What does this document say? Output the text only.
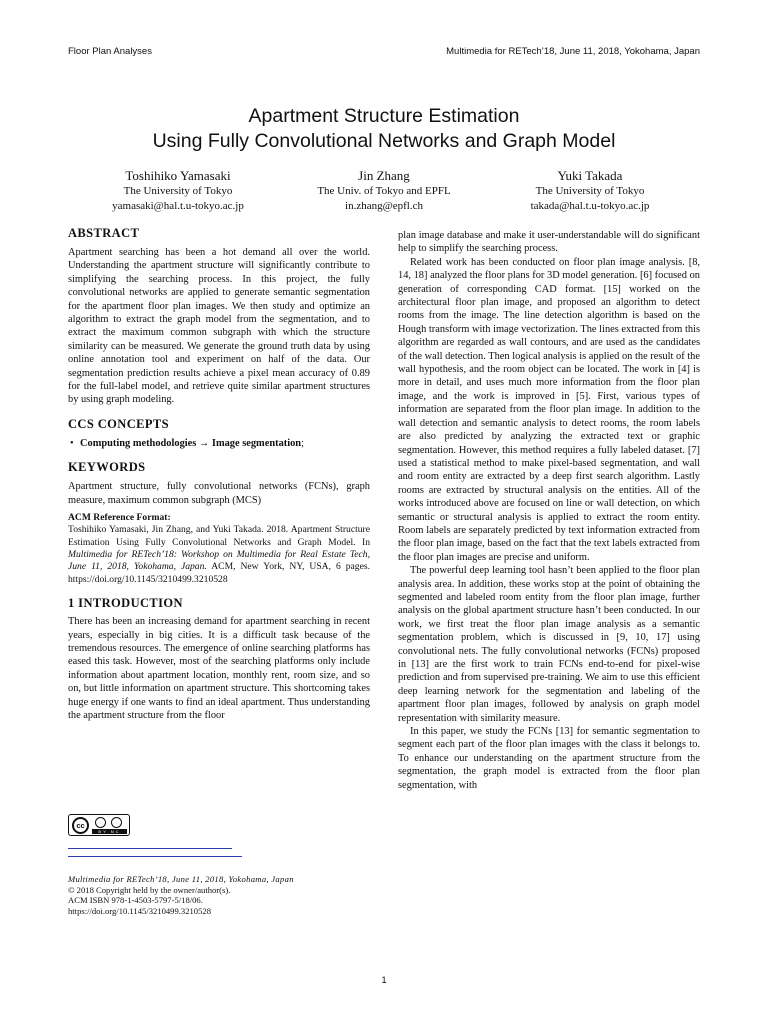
Floor Plan Analyses	Multimedia for RETech’18, June 11, 2018, Yokohama, Japan
Apartment Structure Estimation
Using Fully Convolutional Networks and Graph Model
Toshihiko Yamasaki
The University of Tokyo
yamasaki@hal.t.u-tokyo.ac.jp
Jin Zhang
The Univ. of Tokyo and EPFL
in.zhang@epfl.ch
Yuki Takada
The University of Tokyo
takada@hal.t.u-tokyo.ac.jp
ABSTRACT

Apartment searching has been a hot demand all over the world. Understanding the apartment structure will significantly contribute to simplifying the searching process. In this project, the fully convolutional networks are applied to generate semantic segmentation for the apartment floor plan images. We then study and optimize an algorithm to extract the graph model from the segmentation, and to extract the maximum common subgraph with which the structure similarity can be measured. We generate the ground truth data by using online annotation tool and experiment on half of the data. Our segmentation prediction results achieve a pixel mean accuracy of 0.89 for the full-label model, and retrieve quite similar apartment structures by using graph modeling.

CCS CONCEPTS
• Computing methodologies → Image segmentation;
KEYWORDS

Apartment structure, fully convolutional networks (FCNs), graph measure, maximum common subgraph (MCS)

ACM Reference Format:

Toshihiko Yamasaki, Jin Zhang, and Yuki Takada. 2018. Apartment Structure Estimation Using Fully Convolutional Networks and Graph Model. In Multimedia for RETech’18: Workshop on Multimedia for Real Estate Tech, June 11, 2018, Yokohama, Japan. ACM, New York, NY, USA, 6 pages. https://doi.org/10.1145/3210499.3210528

1 INTRODUCTION

There has been an increasing demand for apartment searching in recent years, especially in big cities. It is a difficult task because of the tremendous resources. The emergence of online searching platforms has eased this task. However, most of the searching platforms only include information about apartment location, monthly rent, room size, and so on, but little information on apartment structure. This shortcoming takes huge energy if one wants to find an ideal apartment. Thus understanding the apartment structure from the floor

cc
BY NC
Multimedia for RETech’18, June 11, 2018, Yokohama, Japan
© 2018 Copyright held by the owner/author(s).
ACM ISBN 978-1-4503-5797-5/18/06.
https://doi.org/10.1145/3210499.3210528

plan image database and make it user-understandable will do significant help to simplify the searching process.

Related work has been conducted on floor plan image analysis. [8, 14, 18] analyzed the floor plans for 3D model generation. [6] focused on generation of corresponding CAD format. [15] worked on the architectural floor plan image, and proposed an algorithm to detect rooms from the image. The line detection algorithm is based on the Hough transform with image vectorization. The lines extracted from this algorithm are regarded as wall contours, and are used as the candidates of the wall detection. Then logical analysis is applied on the result of the wall hypothesis, and the room object can be located. The work in [4] is more in detail, and uses much more information from the floor plan image, and the work is improved in [5]. First, various types of information are separated from the floor plan image. In addition to the wall detection and semantic analysis to detect rooms, the room labels are also predicted by analyzing the extracted text or graphic segmentation. However, this method requires a fully labeled dataset. [7] used a statistical method to make pixel-based segmentation, and wall and room entity are extracted by a deep first search algorithm. Lastly rooms are extracted by structural analysis on the entities. All of the works introduced above are focused on line or wall detection, on which semantic or structural analysis is applied to extract the room entity. Room labels are separately predicted by text information extracted from the floor plan image, based on the fact that the text labels extracted from the floor plan images are precise and uniform.

The powerful deep learning tool hasn’t been applied to the floor plan analysis area. In addition, these works stop at the point of obtaining the segmented and labeled room entity from the floor plan image, further analysis on the global apartment structure hasn’t been conducted. In our work, we first treat the floor plan image analysis as a semantic segmentation problem, which is discussed in [9, 10, 17] using convolutional nets. The fully convolutional networks (FCNs) proposed in [13] are the first work to train FCNs end-to-end for pixel-wise prediction and from supervised pre-training. We aim to use this efficient deep learning network for the segmentation and labeling of the apartment floor plan images, followed by analysis on graph model representation with similarity measure.

In this paper, we study the FCNs [13] for semantic segmentation to segment each part of the floor plan images with the class it belongs to. To enhance our understanding on the apartment structure from the segmentation, the graph model is extracted from the floor plan segmentation, with

1
